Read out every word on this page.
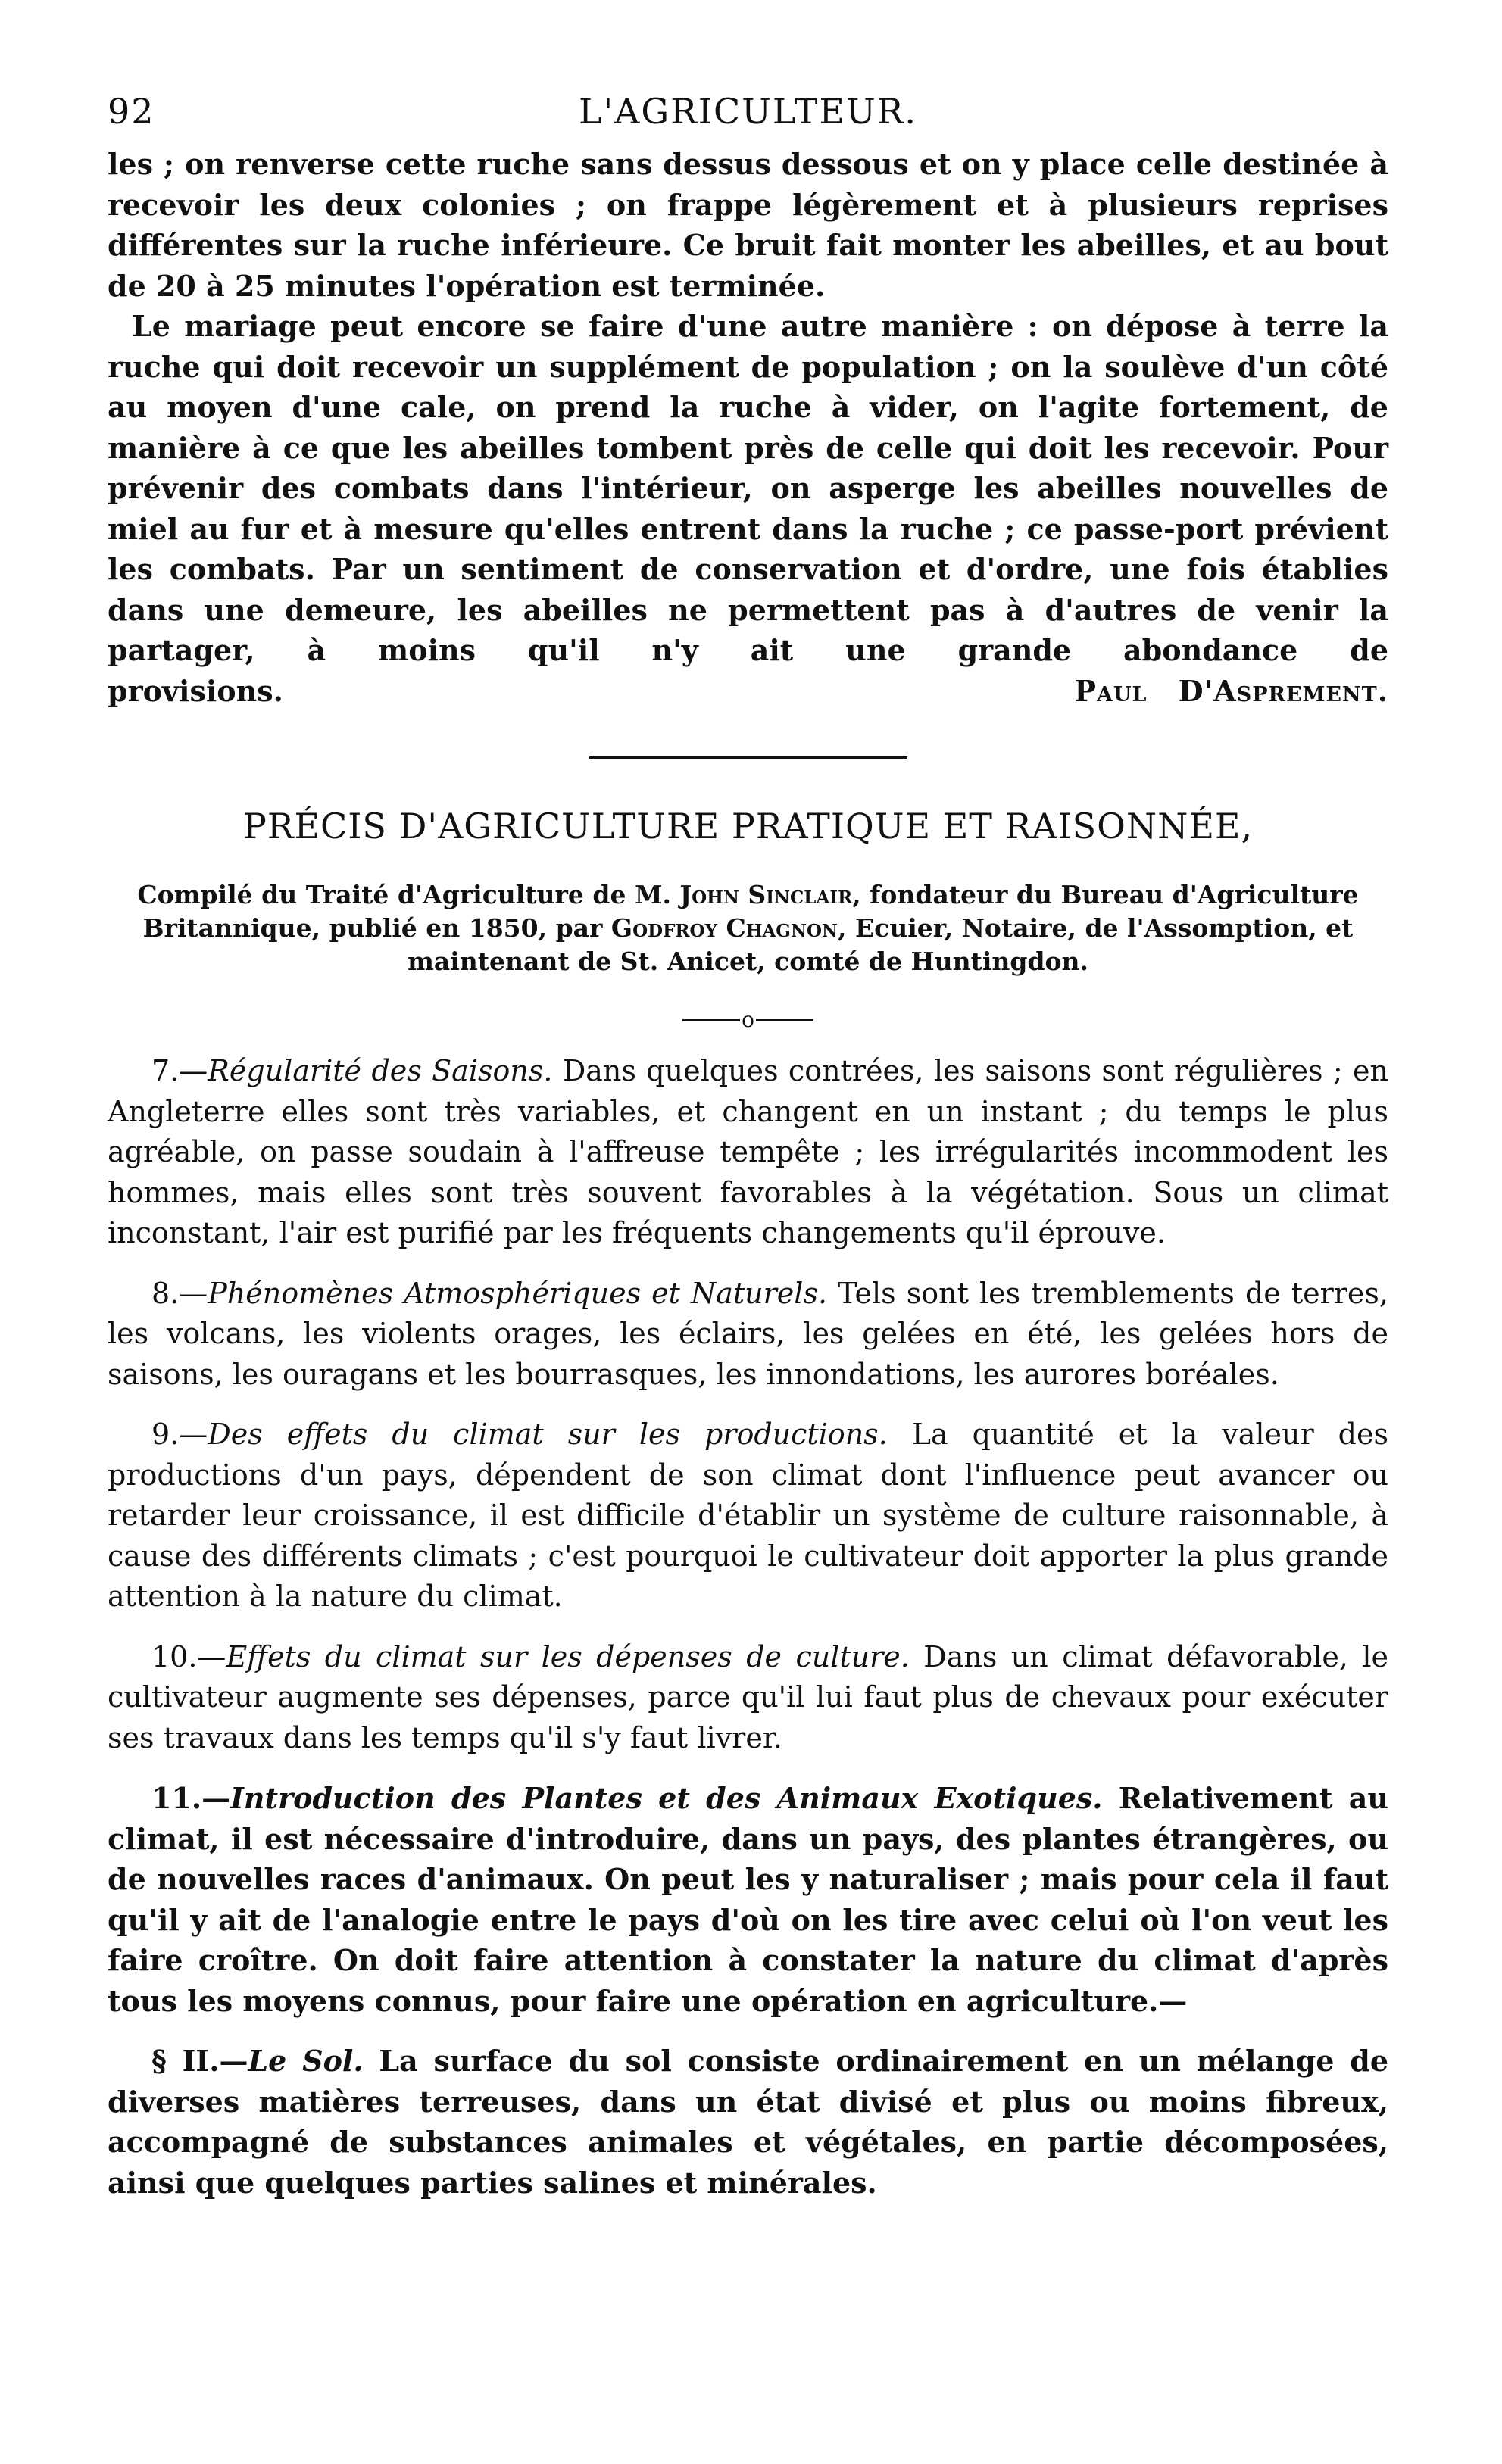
92	L'AGRICULTEUR.

les ; on renverse cette ruche sans dessus dessous et on y place celle destinée à recevoir les deux colonies ; on frappe légèrement et à plusieurs reprises différentes sur la ruche inférieure. Ce bruit fait monter les abeilles, et au bout de 20 à 25 minutes l'opération est terminée.

Le mariage peut encore se faire d'une autre manière : on dépose à terre la ruche qui doit recevoir un supplément de population ; on la soulève d'un côté au moyen d'une cale, on prend la ruche à vider, on l'agite fortement, de manière à ce que les abeilles tombent près de celle qui doit les recevoir. Pour prévenir des combats dans l'intérieur, on asperge les abeilles nouvelles de miel au fur et à mesure qu'elles entrent dans la ruche ; ce passe-port prévient les combats. Par un sentiment de conservation et d'ordre, une fois établies dans une demeure, les abeilles ne permettent pas à d'autres de venir la partager, à moins qu'il n'y ait une grande abondance de provisions.	Paul D'Asprement.

PRÉCIS D'AGRICULTURE PRATIQUE ET RAISONNÉE,

Compilé du Traité d'Agriculture de M. John Sinclair, fondateur du Bureau d'Agriculture Britannique, publié en 1850, par Godfroy Chagnon, Ecuier, Notaire, de l'Assomption, et maintenant de St. Anicet, comté de Huntingdon.

o

7.—Régularité des Saisons. Dans quelques contrées, les saisons sont régulières ; en Angleterre elles sont très variables, et changent en un instant ; du temps le plus agréable, on passe soudain à l'affreuse tempête ; les irrégularités incommodent les hommes, mais elles sont très souvent favorables à la végétation. Sous un climat inconstant, l'air est purifié par les fréquents changements qu'il éprouve.

8.—Phénomènes Atmosphériques et Naturels. Tels sont les tremblements de terres, les volcans, les violents orages, les éclairs, les gelées en été, les gelées hors de saisons, les ouragans et les bourrasques, les innondations, les aurores boréales.

9.—Des effets du climat sur les productions. La quantité et la valeur des productions d'un pays, dépendent de son climat dont l'influence peut avancer ou retarder leur croissance, il est difficile d'établir un système de culture raisonnable, à cause des différents climats ; c'est pourquoi le cultivateur doit apporter la plus grande attention à la nature du climat.

10.—Effets du climat sur les dépenses de culture. Dans un climat défavorable, le cultivateur augmente ses dépenses, parce qu'il lui faut plus de chevaux pour exécuter ses travaux dans les temps qu'il s'y faut livrer.

11.—Introduction des Plantes et des Animaux Exotiques. Relativement au climat, il est nécessaire d'introduire, dans un pays, des plantes étrangères, ou de nouvelles races d'animaux. On peut les y naturaliser ; mais pour cela il faut qu'il y ait de l'analogie entre le pays d'où on les tire avec celui où l'on veut les faire croître. On doit faire attention à constater la nature du climat d'après tous les moyens connus, pour faire une opération en agriculture.—

§ II.—Le Sol. La surface du sol consiste ordinairement en un mélange de diverses matières terreuses, dans un état divisé et plus ou moins fibreux, accompagné de substances animales et végétales, en partie décomposées, ainsi que quelques parties salines et minérales.
